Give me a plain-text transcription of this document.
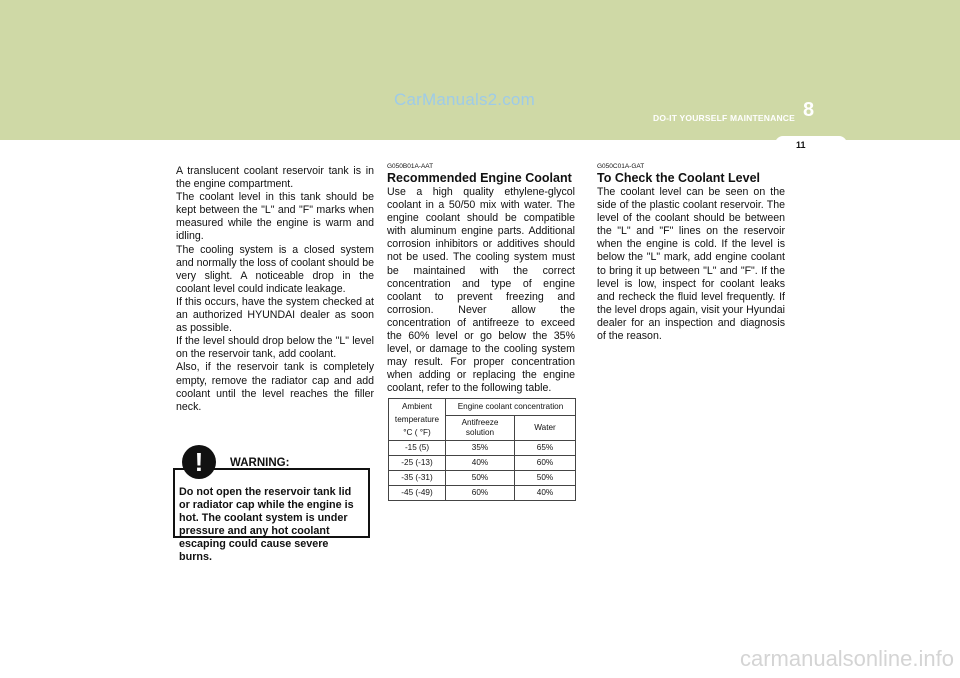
CarManuals2.com
DO-IT YOURSELF MAINTENANCE 8
11

A translucent coolant reservoir tank is in the engine compartment.

The coolant level in this tank should be kept between the "L" and "F" marks when measured while the engine is warm and idling.

The cooling system is a closed system and normally the loss of coolant should be very slight. A noticeable drop in the coolant level could indicate leakage.

If this occurs, have the system checked at an authorized HYUNDAI dealer as soon as possible.

If the level should drop below the "L" level on the reservoir tank, add coolant.

Also, if the reservoir tank is completely empty, remove the radiator cap and add coolant until the level reaches the filler neck.

Do not open the reservoir tank lid or radiator cap while the engine is hot. The coolant system is under pressure and any hot coolant escaping could cause severe burns.
!	WARNING:

G050B01A-AAT

Recommended Engine Coolant

Use a high quality ethylene-glycol coolant in a 50/50 mix with water. The engine coolant should be compatible with aluminum engine parts. Additional corrosion inhibitors or additives should not be used. The cooling system must be maintained with the correct concentration and type of engine coolant to prevent freezing and corrosion. Never allow the concentration of antifreeze to exceed the 60% level or go below the 35% level, or damage to the cooling system may result. For proper concentration when adding or replacing the engine coolant, refer to the following table.

Ambient
temperature
°C ( °F)	Engine coolant concentration	
	Antifreeze solution	Water
-15 (5)	35%	65%
-25 (-13)	40%	60%
-35 (-31)	50%	50%
-45 (-49)	60%	40%

G050C01A-GAT

To Check the Coolant Level

The coolant level can be seen on the side of the plastic coolant reservoir. The level of the coolant should be between the "L" and "F" lines on the reservoir when the engine is cold. If the level is below the "L" mark, add engine coolant to bring it up between "L" and "F". If the level is low, inspect for coolant leaks and recheck the fluid level frequently. If the level drops again, visit your Hyundai dealer for an inspection and diagnosis of the reason.

carmanualsonline.info
